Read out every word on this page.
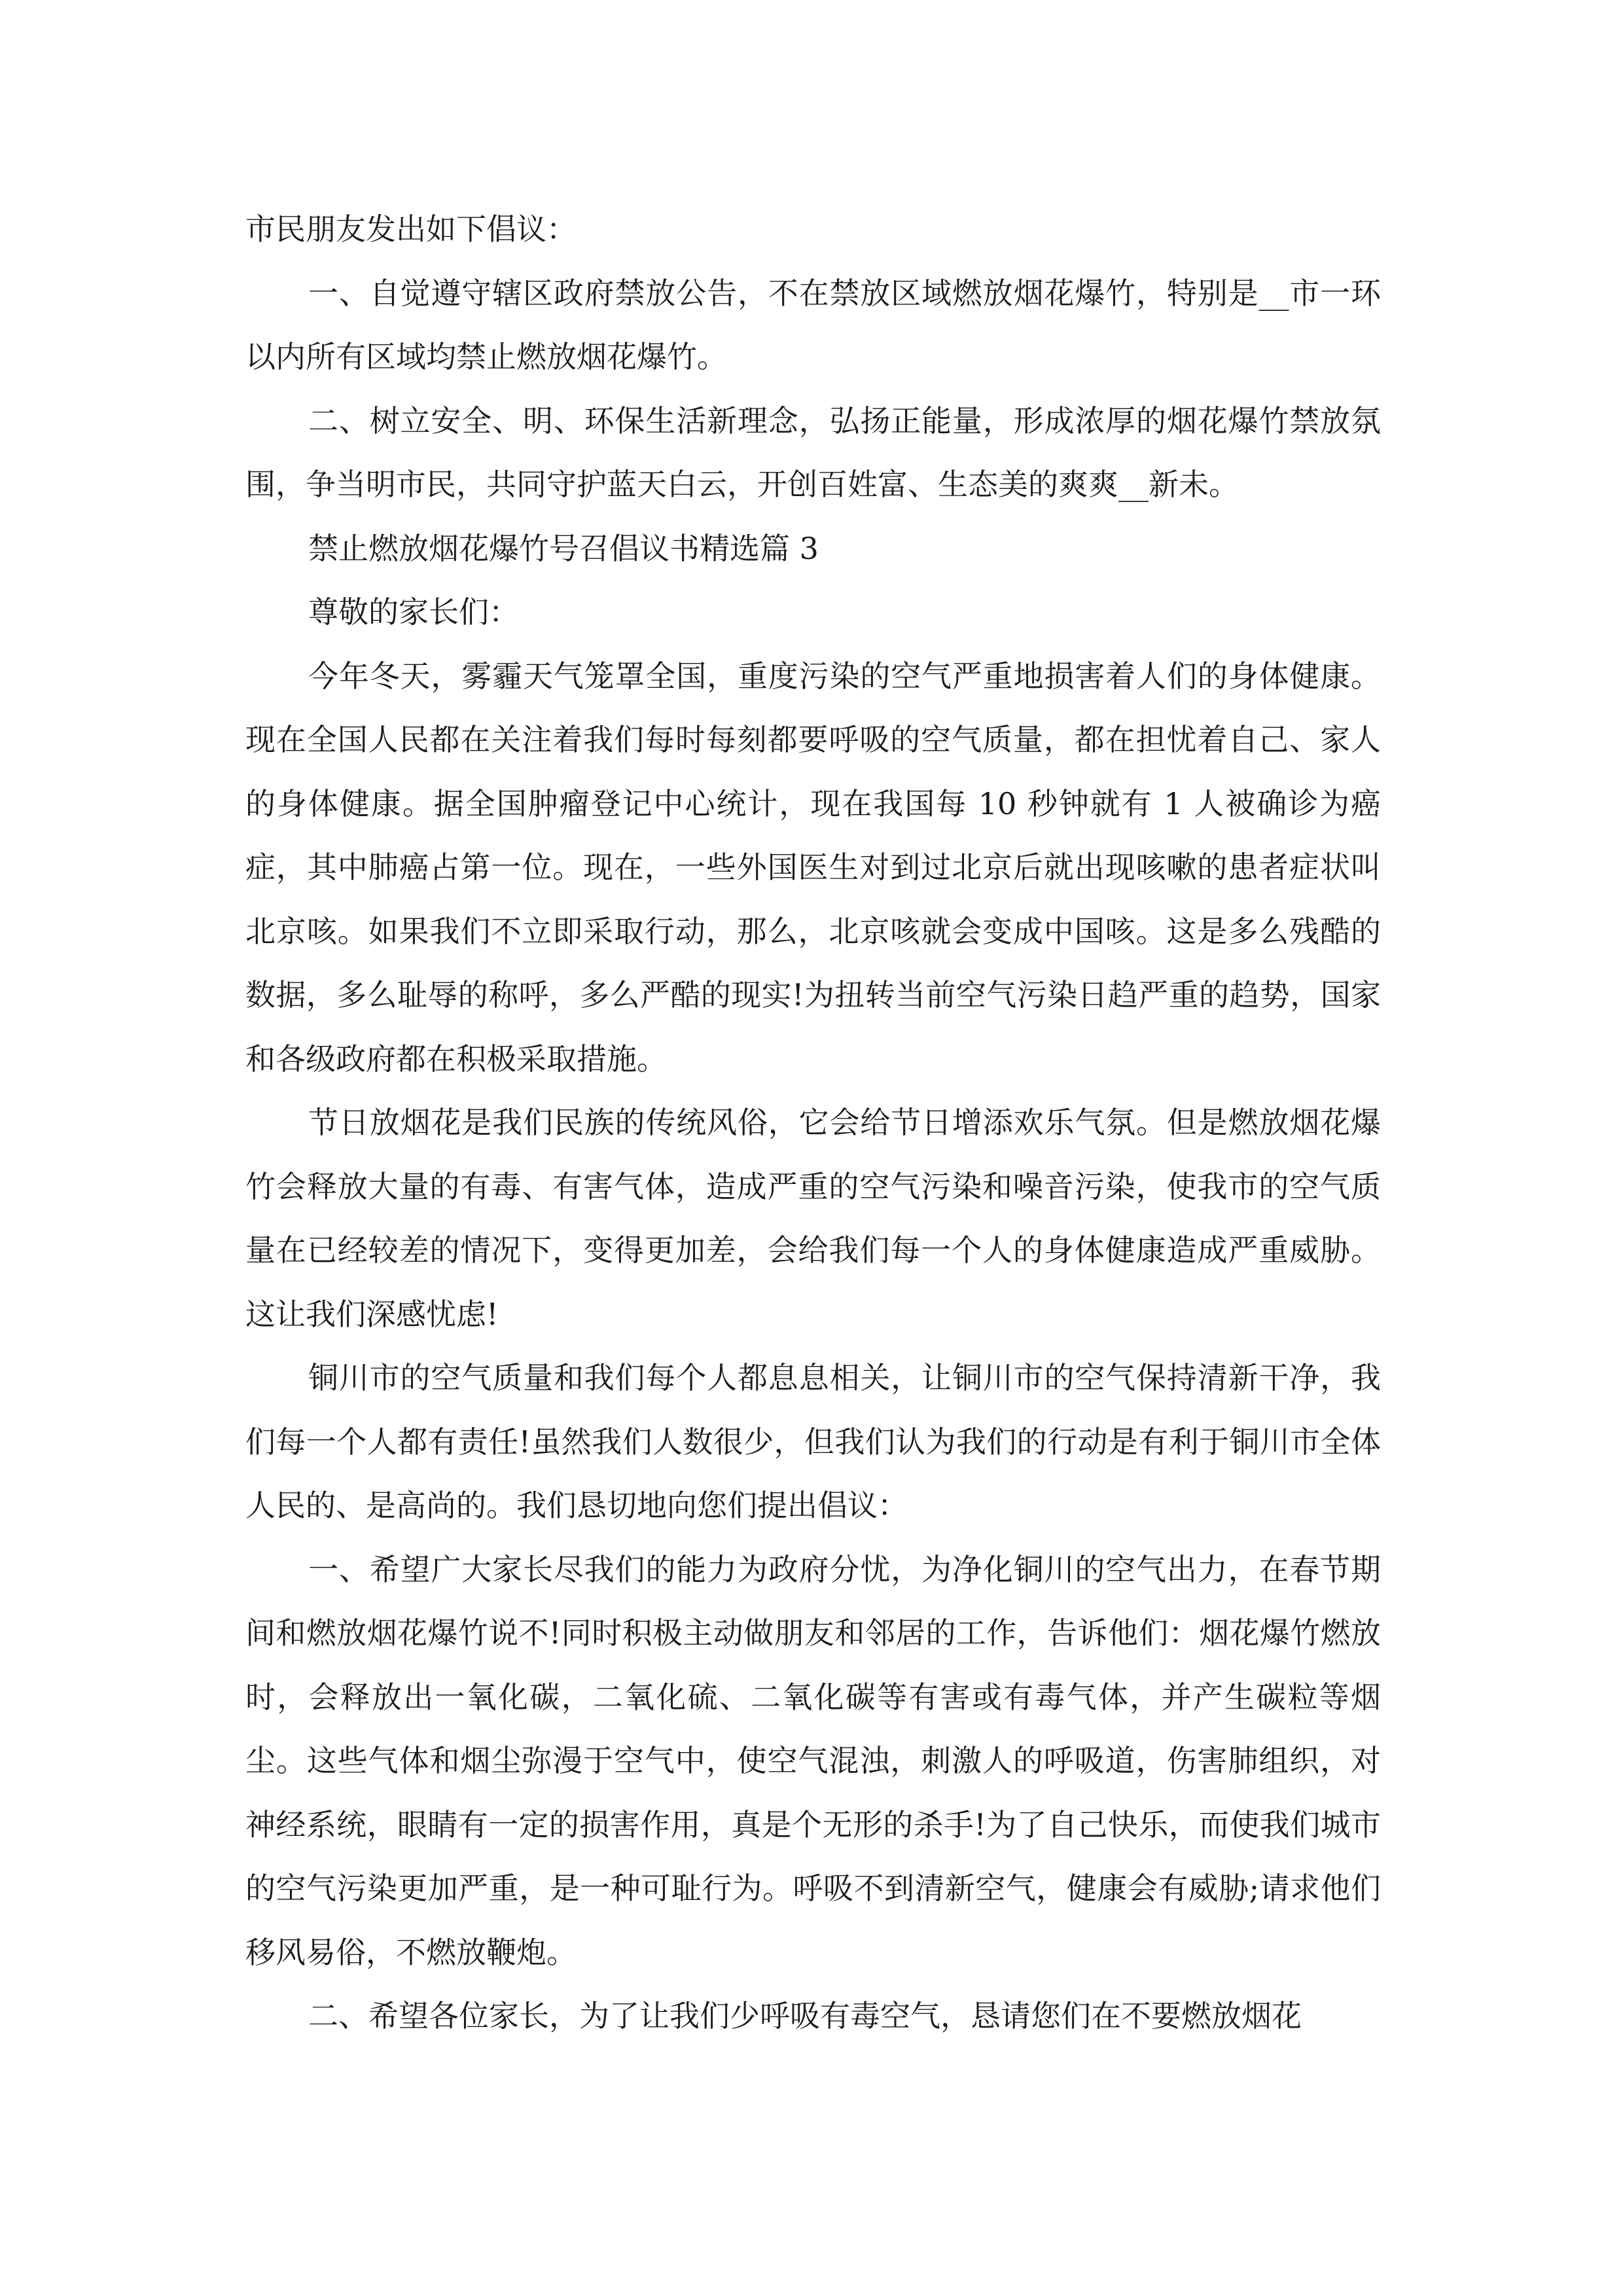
市民朋友发出如下倡议：

一、自觉遵守辖区政府禁放公告，不在禁放区域燃放烟花爆竹，特别是__市一环以内所有区域均禁止燃放烟花爆竹。

二、树立安全、明、环保生活新理念，弘扬正能量，形成浓厚的烟花爆竹禁放氛围，争当明市民，共同守护蓝天白云，开创百姓富、生态美的爽爽__新未。

禁止燃放烟花爆竹号召倡议书精选篇 3

尊敬的家长们：

今年冬天，雾霾天气笼罩全国，重度污染的空气严重地损害着人们的身体健康。现在全国人民都在关注着我们每时每刻都要呼吸的空气质量，都在担忧着自己、家人的身体健康。据全国肿瘤登记中心统计，现在我国每 10 秒钟就有 1 人被确诊为癌症，其中肺癌占第一位。现在，一些外国医生对到过北京后就出现咳嗽的患者症状叫北京咳。如果我们不立即采取行动，那么，北京咳就会变成中国咳。这是多么残酷的数据，多么耻辱的称呼，多么严酷的现实!为扭转当前空气污染日趋严重的趋势，国家和各级政府都在积极采取措施。

节日放烟花是我们民族的传统风俗，它会给节日增添欢乐气氛。但是燃放烟花爆竹会释放大量的有毒、有害气体，造成严重的空气污染和噪音污染，使我市的空气质量在已经较差的情况下，变得更加差，会给我们每一个人的身体健康造成严重威胁。这让我们深感忧虑!

铜川市的空气质量和我们每个人都息息相关，让铜川市的空气保持清新干净，我们每一个人都有责任!虽然我们人数很少，但我们认为我们的行动是有利于铜川市全体人民的、是高尚的。我们恳切地向您们提出倡议：

一、希望广大家长尽我们的能力为政府分忧，为净化铜川的空气出力，在春节期间和燃放烟花爆竹说不!同时积极主动做朋友和邻居的工作，告诉他们：烟花爆竹燃放时，会释放出一氧化碳，二氧化硫、二氧化碳等有害或有毒气体，并产生碳粒等烟尘。这些气体和烟尘弥漫于空气中，使空气混浊，刺激人的呼吸道，伤害肺组织，对神经系统，眼睛有一定的损害作用，真是个无形的杀手!为了自己快乐，而使我们城市的空气污染更加严重，是一种可耻行为。呼吸不到清新空气，健康会有威胁;请求他们移风易俗，不燃放鞭炮。

二、希望各位家长，为了让我们少呼吸有毒空气，恳请您们在不要燃放烟花
